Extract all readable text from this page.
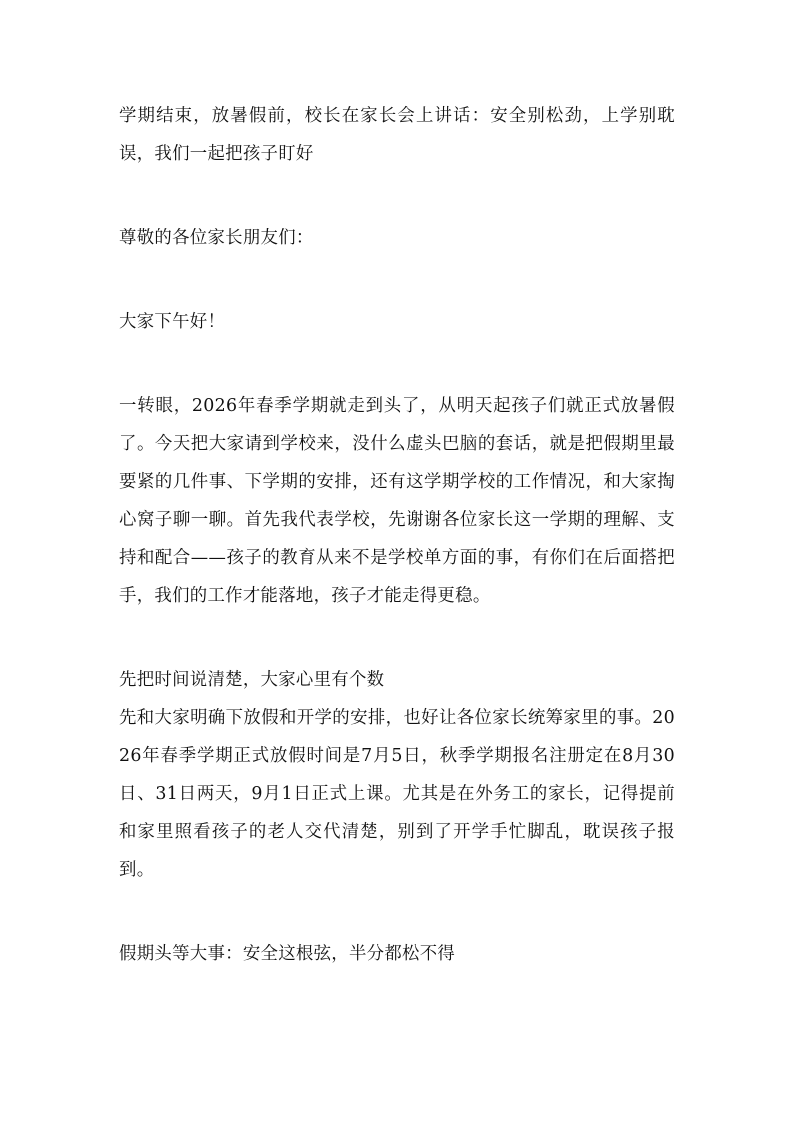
学期结束，放暑假前，校长在家长会上讲话：安全别松劲，上学别耽误，我们一起把孩子盯好

尊敬的各位家长朋友们：

大家下午好！

一转眼，2026年春季学期就走到头了，从明天起孩子们就正式放暑假了。今天把大家请到学校来，没什么虚头巴脑的套话，就是把假期里最要紧的几件事、下学期的安排，还有这学期学校的工作情况，和大家掏心窝子聊一聊。首先我代表学校，先谢谢各位家长这一学期的理解、支持和配合——孩子的教育从来不是学校单方面的事，有你们在后面搭把手，我们的工作才能落地，孩子才能走得更稳。

先把时间说清楚，大家心里有个数

先和大家明确下放假和开学的安排，也好让各位家长统筹家里的事。2026年春季学期正式放假时间是7月5日，秋季学期报名注册定在8月30日、31日两天，9月1日正式上课。尤其是在外务工的家长，记得提前和家里照看孩子的老人交代清楚，别到了开学手忙脚乱，耽误孩子报到。

假期头等大事：安全这根弦，半分都松不得
